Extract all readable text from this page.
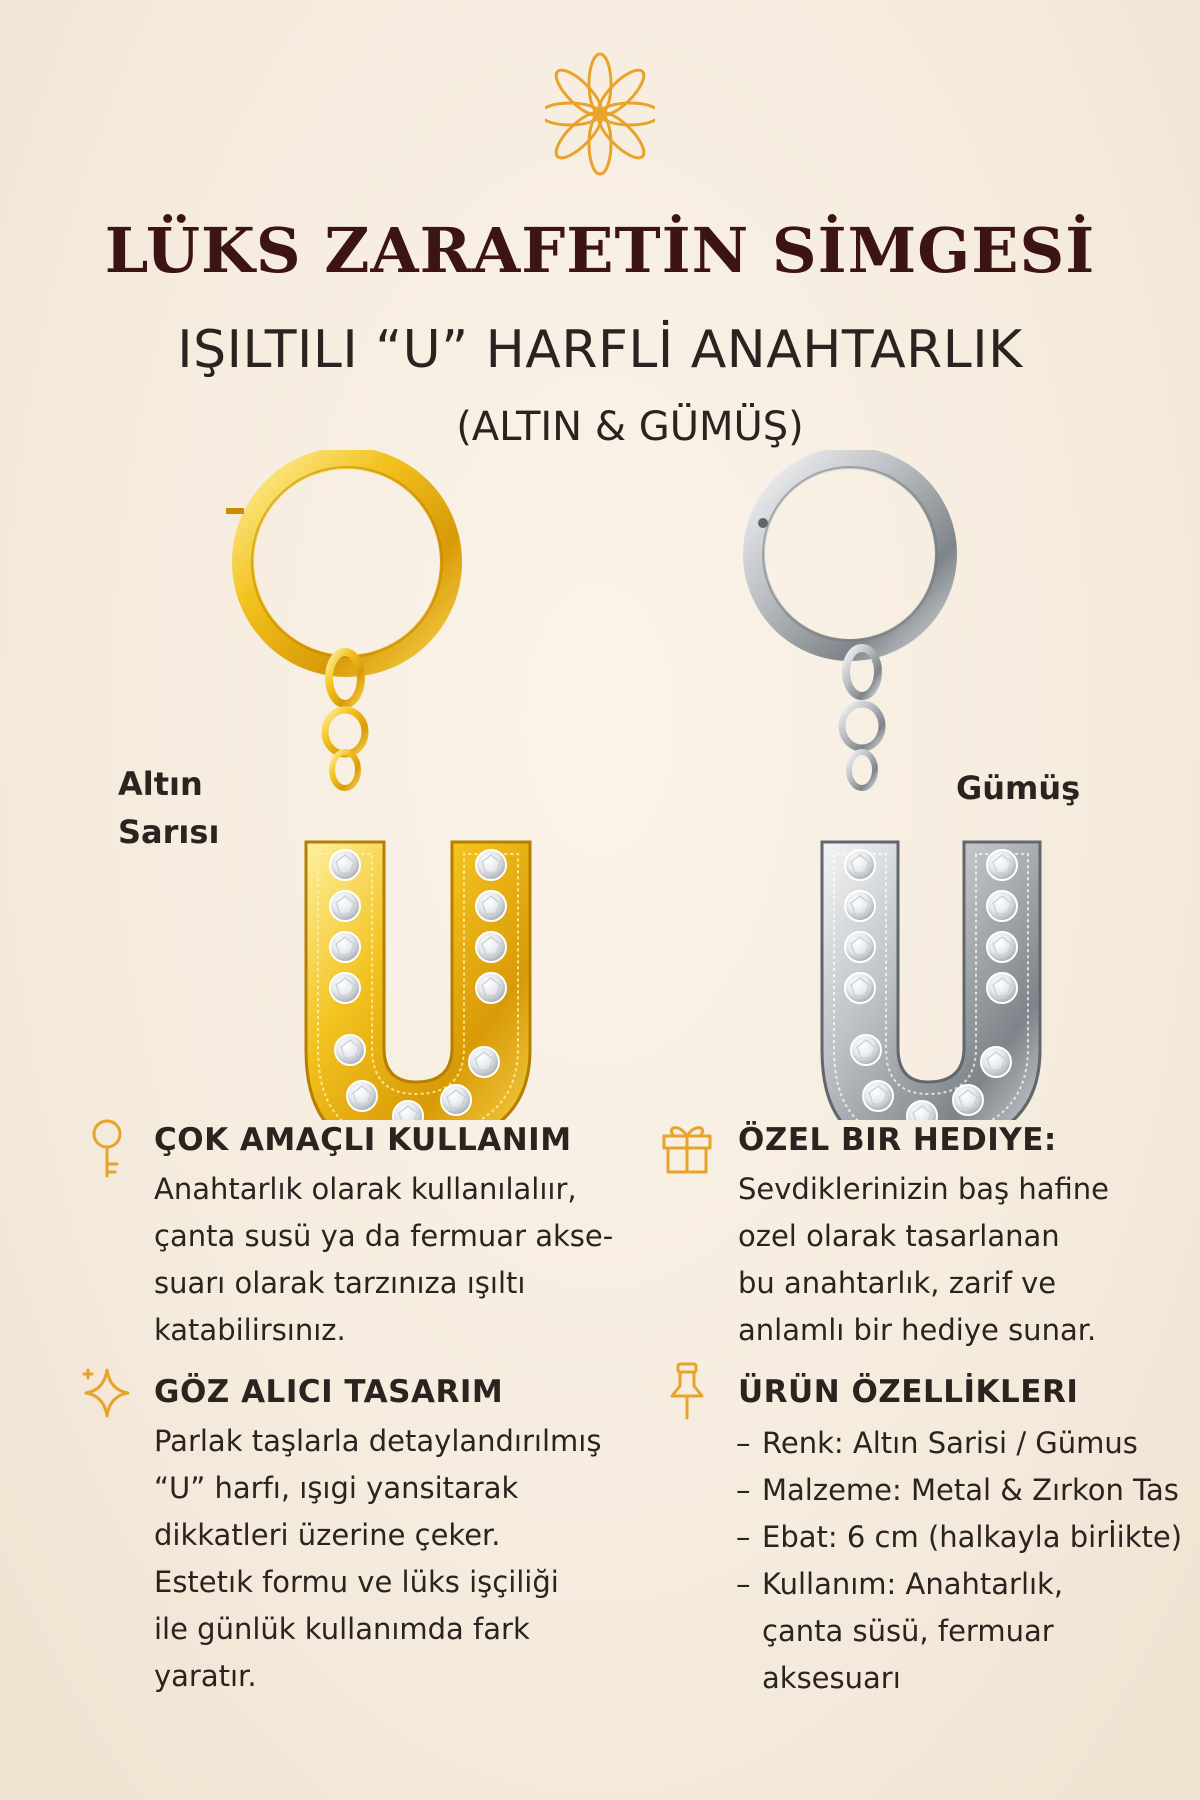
LÜKS ZARAFETİN SİMGESİ
IŞILTILI “U” HARFLİ ANAHTARLIK
(ALTIN & GÜMÜŞ)
Altın Sarısı
Gümüş
ÇOK AMAÇLI KULLANIM
Anahtarlık olarak kullanılalıır,
çanta susü ya da fermuar akse-
suarı olarak tarzınıza ışıltı
katabilirsınız.
ÖZEL BIR HEDIYE:
Sevdiklerinizin baş hafine
ozel olarak tasarlanan
bu anahtarlık, zarif ve
anlamlı bir hediye sunar.
GÖZ ALICI TASARIM
Parlak taşlarla detaylandırılmış
“U” harfı, ışıgi yansitarak
dikkatleri üzerine çeker.
Estetık formu ve lüks işçiliği
ile günlük kullanımda fark
yaratır.
ÜRÜN ÖZELLİKLERI
– Renk: Altın Sarisi / Gümus
– Malzeme: Metal & Zırkon Tas
– Ebat: 6 cm (halkayla birİikte)
– Kullanım: Anahtarlık,
çanta süsü, fermuar
aksesuarı
